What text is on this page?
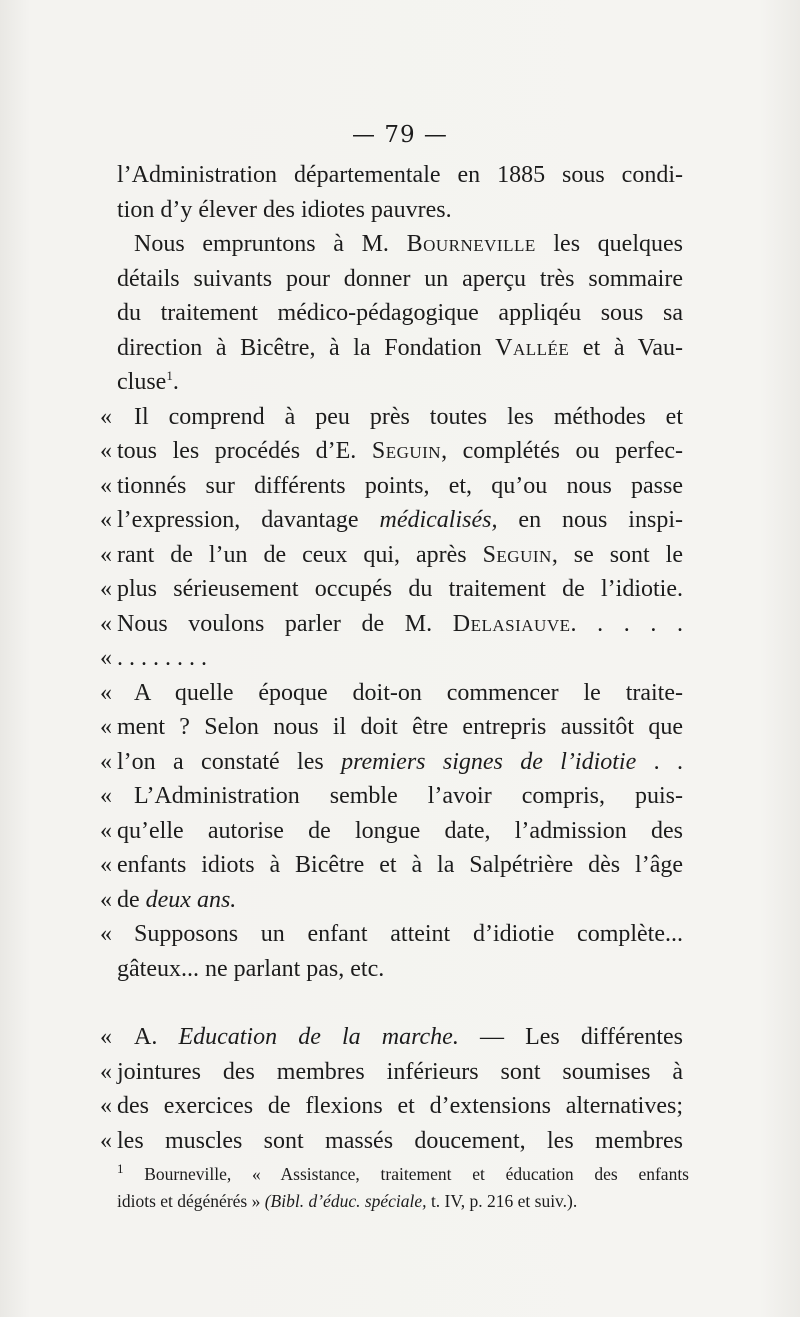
— 79 —
l’Administration départementale en 1885 sous condi-
tion d’y élever des idiotes pauvres.
Nous empruntons à M. Bourneville les quelques
détails suivants pour donner un aperçu très sommaire
du traitement médico-pédagogique appliqéu sous sa
direction à Bicêtre, à la Fondation Vallée et à Vau-
cluse$^1$.
« Il comprend à peu près toutes les méthodes et
« tous les procédés d’E. Seguin, complétés ou perfec-
« tionnés sur différents points, et, qu’ou nous passe
« l’expression, davantage médicalisés, en nous inspi-
« rant de l’un de ceux qui, après Seguin, se sont le
« plus sérieusement occupés du traitement de l’idiotie.
« Nous voulons parler de M. Delasiauve. . . . .
« . . . . . . . .
« A quelle époque doit-on commencer le traite-
« ment ? Selon nous il doit être entrepris aussitôt que
« l’on a constaté les premiers signes de l’idiotie . .
« L’Administration semble l’avoir compris, puis-
« qu’elle autorise de longue date, l’admission des
« enfants idiots à Bicêtre et à la Salpétrière dès l’âge
« de deux ans.
« Supposons un enfant atteint d’idiotie complète...
gâteux... ne parlant pas, etc.
« A. Education de la marche. — Les différentes
« jointures des membres inférieurs sont soumises à
« des exercices de flexions et d’extensions alternatives;
« les muscles sont massés doucement, les membres
$^1$ Bourneville, « Assistance, traitement et éducation des enfants
idiots et dégénérés » (Bibl. d’éduc. spéciale, t. IV, p. 216 et suiv.).
